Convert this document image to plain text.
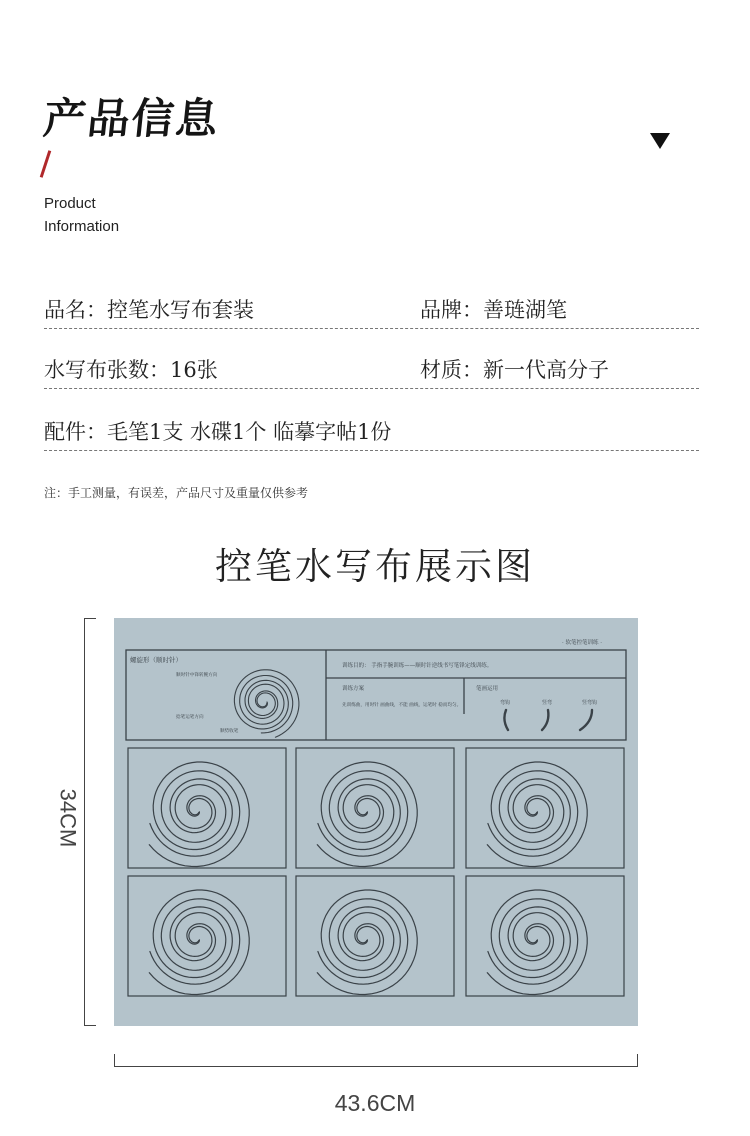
产品信息
Product
Information
品名：控笔水写布套装	品牌：善琏湖笔
水写布张数：16张	材质：新一代高分子
配件：毛笔1支 水碟1个 临摹字帖1份
注：手工测量，有误差，产品尺寸及重量仅供参考
控笔水写布展示图
34CM
43.6CM
螺旋形（顺时针）
· 软笔控笔训练 ·
训练目的： 手指手腕训练——顺时针逆线书写笔锋定线训练。
训练方案
先训练曲，用时针 画曲线，不能 曲线，运笔时 稳而均匀。
笔画运用
弯钩	竖弯	竖弯钩
顺时针中锋转腕方向
捻笔运笔方向
顺势收笔
